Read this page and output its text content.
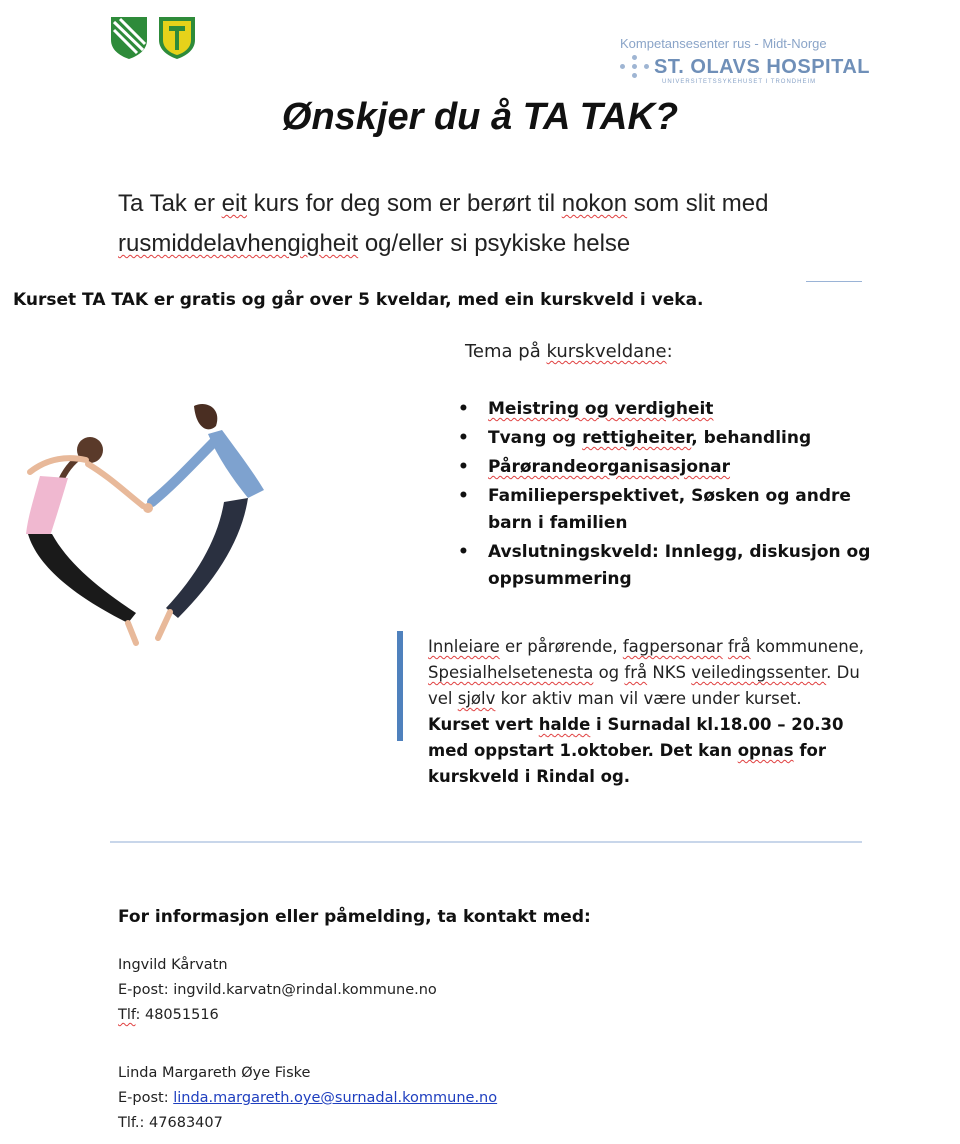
Kompetansesenter rus - Midt-Norge
ST. OLAVS HOSPITAL
UNIVERSITETSSYKEHUSET I TRONDHEIM
Ønskjer du å TA TAK?
Ta Tak er eit kurs for deg som er berørt til nokon som slit med
rusmiddelavhengigheit og/eller si psykiske helse
Kurset TA TAK er gratis og går over 5 kveldar, med ein kurskveld i veka.
Tema på kurskveldane:
• Meistring og verdigheit
• Tvang og rettigheiter, behandling
• Pårørandeorganisasjonar
• Familieperspektivet, Søsken og andre barn i familien
• Avslutningskveld: Innlegg, diskusjon og oppsummering
Innleiare er pårørende, fagpersonar frå kommunene, Spesialhelsetenesta og frå NKS veiledingssenter. Du vel sjølv kor aktiv man vil være under kurset.
Kurset vert halde i Surnadal kl.18.00 – 20.30 med oppstart 1.oktober. Det kan opnas for kurskveld i Rindal og.
For informasjon eller påmelding, ta kontakt med:
Ingvild Kårvatn
E-post: ingvild.karvatn@rindal.kommune.no
Tlf: 48051516
Linda Margareth Øye Fiske
E-post: linda.margareth.oye@surnadal.kommune.no
Tlf.: 47683407
